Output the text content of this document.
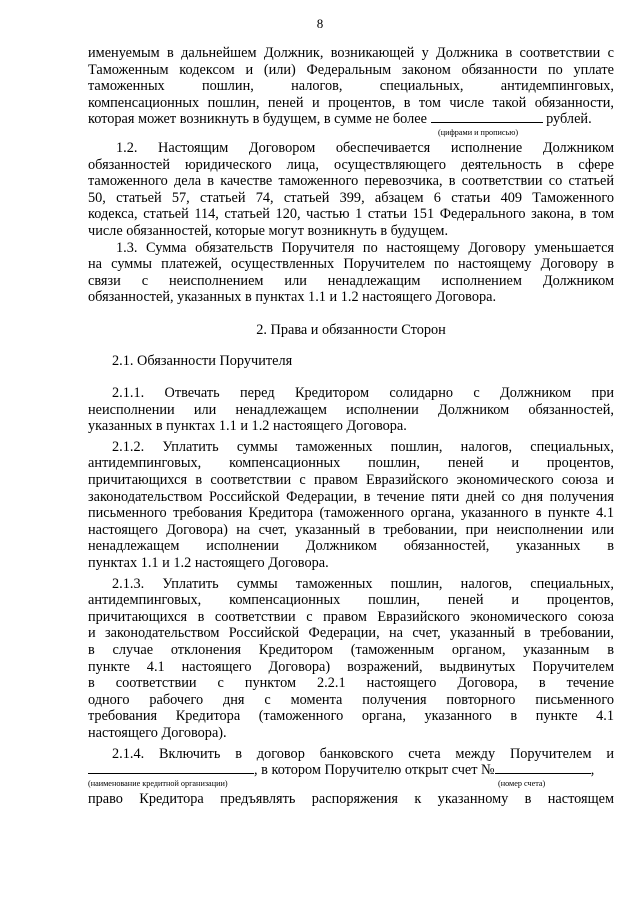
8

именуемым в дальнейшем Должник, возникающей у Должника в соответствии с

Таможенным кодексом и (или) Федеральным законом обязанности по уплате

таможенных пошлин, налогов, специальных, антидемпинговых,

компенсационных пошлин, пеней и процентов, в том числе такой обязанности,

которая может возникнуть в будущем, в сумме не более	рублей.

(цифрами и прописью)

1.2. Настоящим Договором обеспечивается исполнение Должником

обязанностей юридического лица, осуществляющего деятельность в сфере

таможенного дела в качестве таможенного перевозчика, в соответствии со статьей

50, статьей 57, статьей 74, статьей 399, абзацем 6 статьи 409 Таможенного

кодекса, статьей 114, статьей 120, частью 1 статьи 151 Федерального закона, в том

числе обязанностей, которые могут возникнуть в будущем.

1.3. Сумма обязательств Поручителя по настоящему Договору уменьшается

на суммы платежей, осуществленных Поручителем по настоящему Договору в

связи с неисполнением или ненадлежащим исполнением Должником

обязанностей, указанных в пунктах 1.1 и 1.2 настоящего Договора.

2. Права и обязанности Сторон

2.1. Обязанности Поручителя

2.1.1. Отвечать перед Кредитором солидарно с Должником при

неисполнении или ненадлежащем исполнении Должником обязанностей,

указанных в пунктах 1.1 и 1.2 настоящего Договора.

2.1.2. Уплатить суммы таможенных пошлин, налогов, специальных,

антидемпинговых, компенсационных пошлин, пеней и процентов,

причитающихся в соответствии с правом Евразийского экономического союза и

законодательством Российской Федерации, в течение пяти дней со дня получения

письменного требования Кредитора (таможенного органа, указанного в пункте 4.1

настоящего Договора) на счет, указанный в требовании, при неисполнении или

ненадлежащем исполнении Должником обязанностей, указанных в

пунктах 1.1 и 1.2 настоящего Договора.

2.1.3. Уплатить суммы таможенных пошлин, налогов, специальных,

антидемпинговых, компенсационных пошлин, пеней и процентов,

причитающихся в соответствии с правом Евразийского экономического союза

и законодательством Российской Федерации, на счет, указанный в требовании,

в случае отклонения Кредитором (таможенным органом, указанным в

пункте 4.1 настоящего Договора) возражений, выдвинутых Поручителем

в соответствии с пунктом 2.2.1 настоящего Договора, в течение

одного рабочего дня с момента получения повторного письменного

требования Кредитора (таможенного органа, указанного в пункте 4.1

настоящего Договора).

2.1.4. Включить в договор банковского счета между Поручителем и

, в котором Поручителю открыт счет №	,

(наименование кредитной организации)	(номер счета)

право Кредитора предъявлять распоряжения к указанному в настоящем
